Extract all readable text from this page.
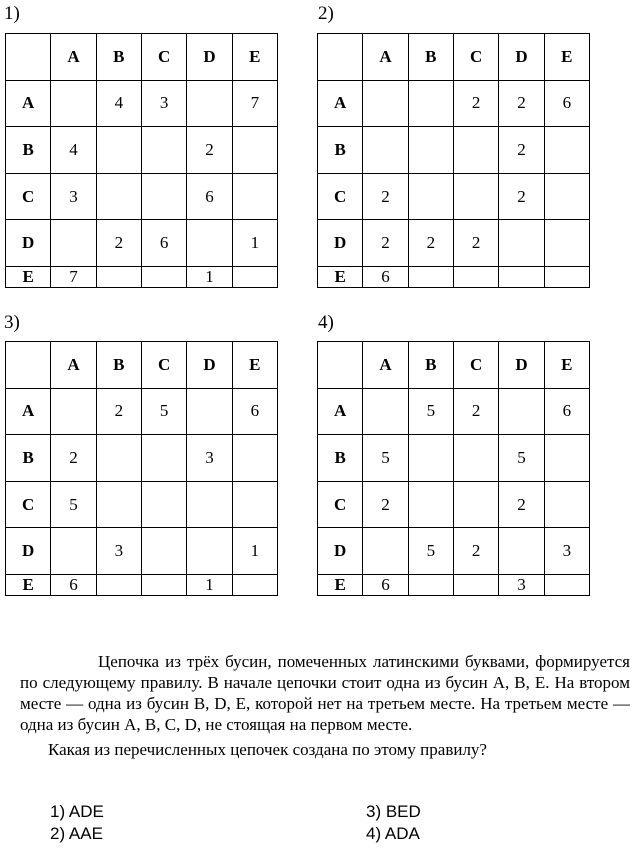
1)	2)
3)	4)
	A	B	C	D	E
A		4	3		7
B	4			2	
C	3			6	
D		2	6		1
E	7			1	
	A	B	C	D	E
A			2	2	6
B				2	
C	2			2	
D	2	2	2		
E	6				
	A	B	C	D	E
A		2	5		6
B	2			3	
C	5				
D		3			1
E	6			1	
	A	B	C	D	E
A		5	2		6
B	5			5	
C	2			2	
D		5	2		3
E	6			3	

Цепочка из трёх бусин, помеченных латинскими буквами, формируется по следующему правилу. В начале цепочки стоит одна из бусин A, B, E. На втором месте — одна из бусин B, D, E, которой нет на третьем месте. На третьем месте — одна из бусин A, B, C, D, не стоящая на первом месте.

Какая из перечисленных цепочек создана по этому правилу?

1) ADE
2) AAE
3) BED
4) ADA
